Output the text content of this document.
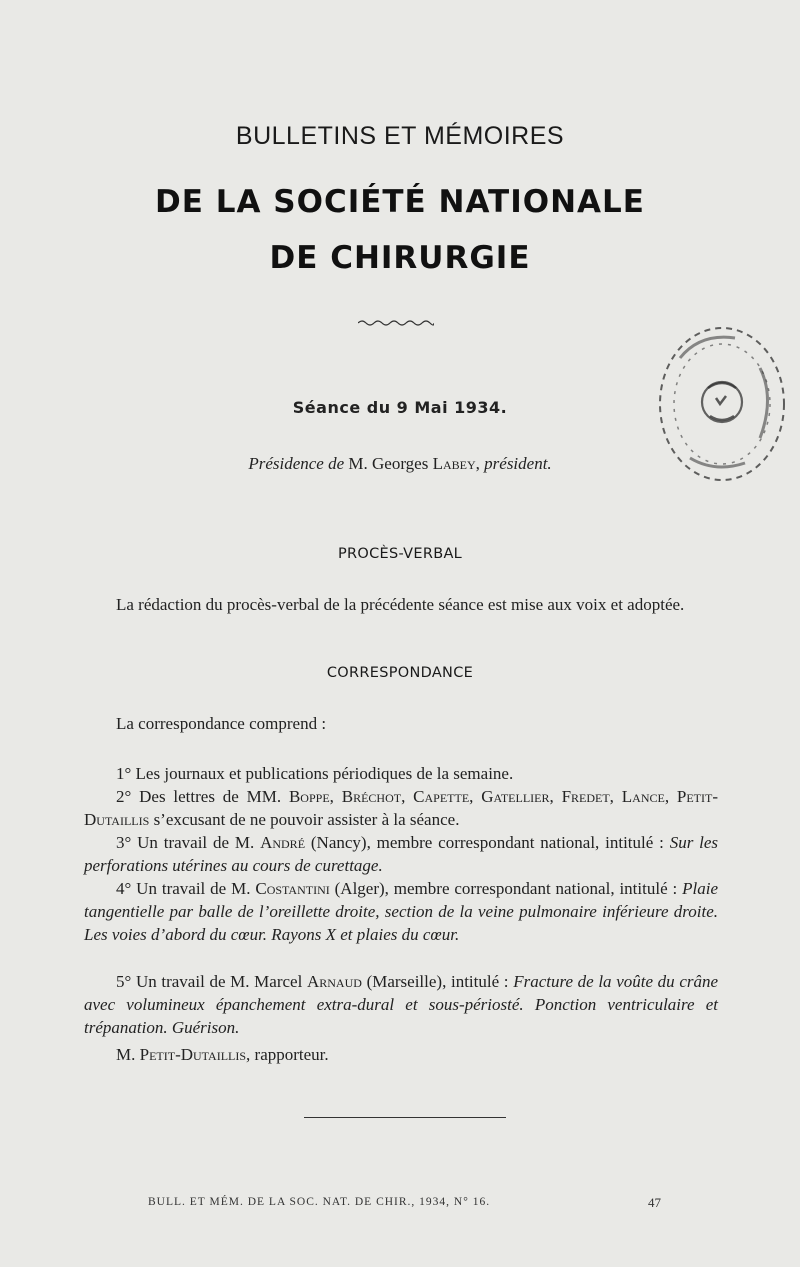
BULLETINS ET MÉMOIRES
DE LA SOCIÉTÉ NATIONALE
DE CHIRURGIE
Séance du 9 Mai 1934.
Présidence de M. Georges Labey, président.
PROCÈS-VERBAL
La rédaction du procès-verbal de la précédente séance est mise aux voix et adoptée.
CORRESPONDANCE
La correspondance comprend :
1° Les journaux et publications périodiques de la semaine.
2° Des lettres de MM. Boppe, Bréchot, Capette, Gatellier, Fredet, Lance, Petit-Dutaillis s’excusant de ne pouvoir assister à la séance.
3° Un travail de M. André (Nancy), membre correspondant national, intitulé : Sur les perforations utérines au cours de curettage.
4° Un travail de M. Costantini (Alger), membre correspondant national, intitulé : Plaie tangentielle par balle de l’oreillette droite, section de la veine pulmonaire inférieure droite. Les voies d’abord du cœur. Rayons X et plaies du cœur.
5° Un travail de M. Marcel Arnaud (Marseille), intitulé : Fracture de la voûte du crâne avec volumineux épanchement extra-dural et sous-périosté. Ponction ventriculaire et trépanation. Guérison.
M. Petit-Dutaillis, rapporteur.
BULL. ET MÉM. DE LA SOC. NAT. DE CHIR., 1934, N° 16.	47
